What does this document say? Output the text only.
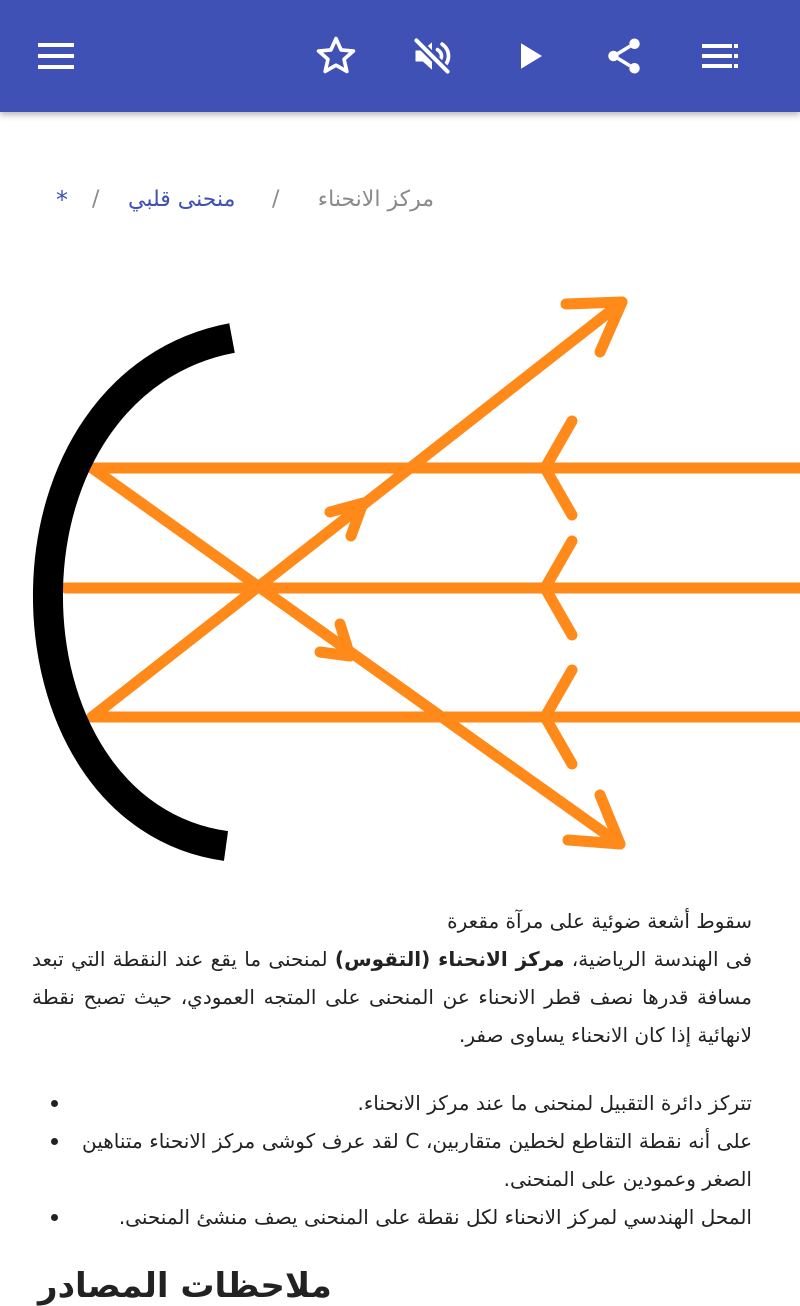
* / منحنى قلبي / مركز الانحناء

سقوط أشعة ضوئية على مرآة مقعرة

فى الهندسة الرياضية، مركز الانحناء (التقوس) لمنحنى ما يقع عند النقطة التي تبعد مسافة قدرها نصف قطر الانحناء عن المنحنى على المتجه العمودي، حيث تصبح نقطة لانهائية إذا كان الانحناء يساوى صفر.

تتركز دائرة التقبيل لمنحنى ما عند مركز الانحناء.
على أنه نقطة التقاطع لخطين متقاربين، C لقد عرف كوشى مركز الانحناء متناهين الصغر وعمودين على المنحنى.
المحل الهندسي لمركز الانحناء لكل نقطة على المنحنى يصف منشئ المنحنى.
ملاحظات المصادر
